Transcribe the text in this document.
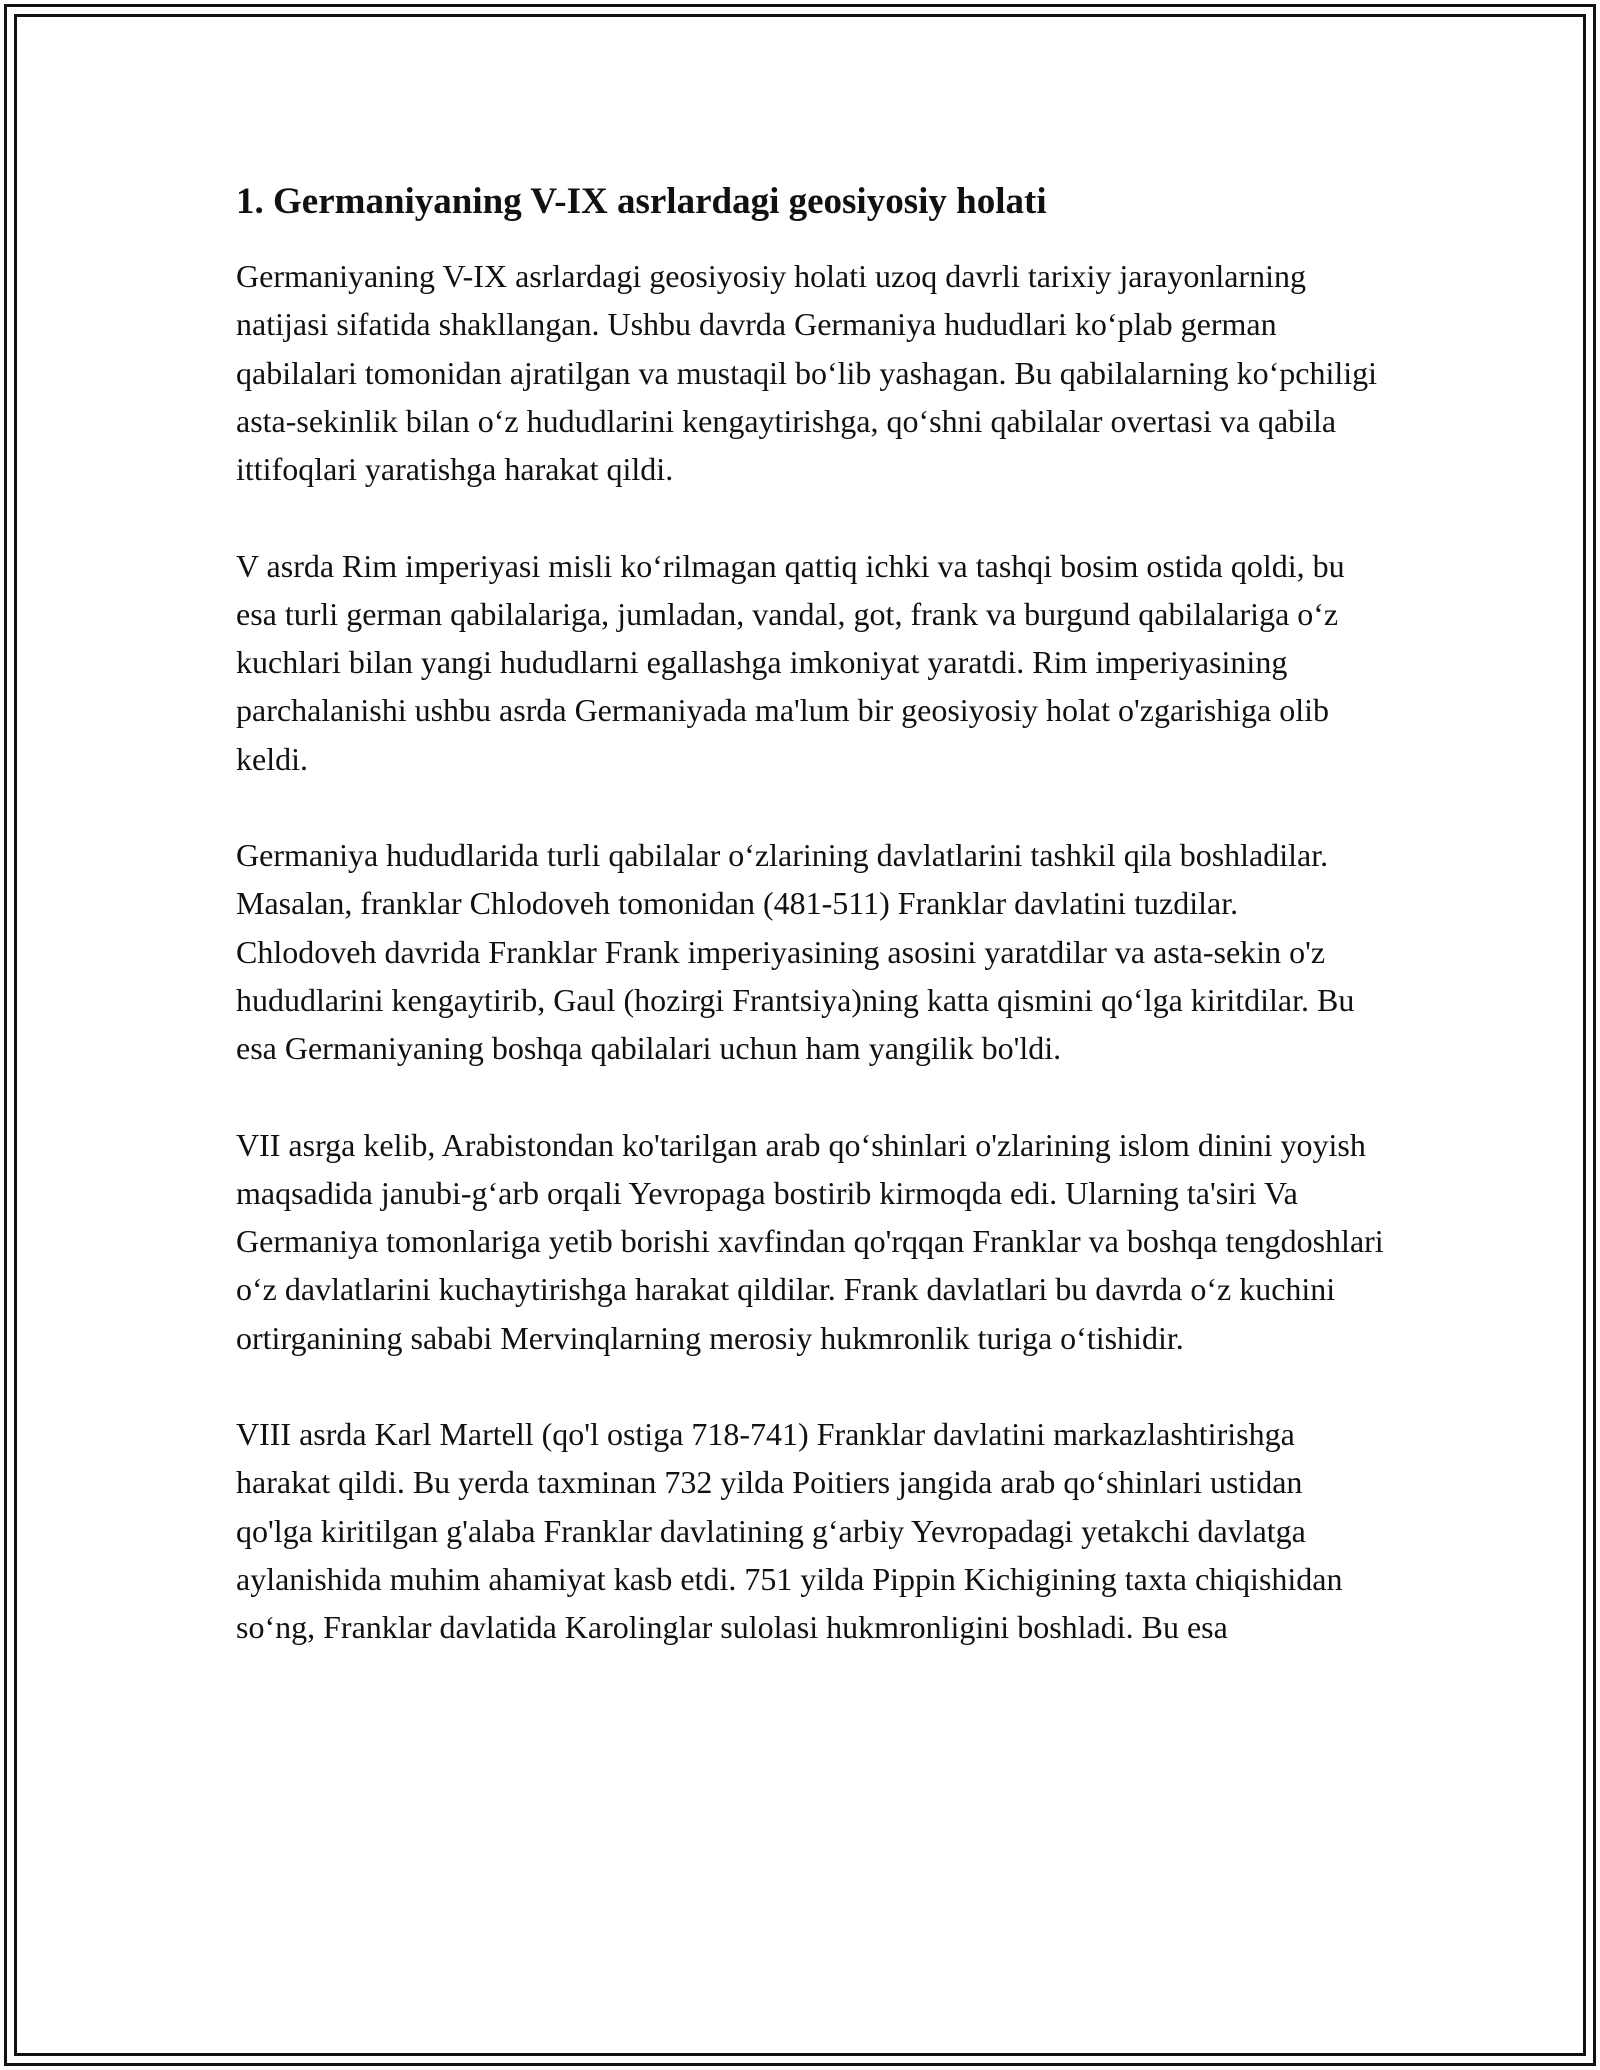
1. Germaniyaning V-IX asrlardagi geosiyosiy holati

Germaniyaning V-IX asrlardagi geosiyosiy holati uzoq davrli tarixiy jarayonlarning natijasi sifatida shakllangan. Ushbu davrda Germaniya hududlari ko‘plab german qabilalari tomonidan ajratilgan va mustaqil bo‘lib yashagan. Bu qabilalarning ko‘pchiligi asta-sekinlik bilan o‘z hududlarini kengaytirishga, qo‘shni qabilalar overtasi va qabila ittifoqlari yaratishga harakat qildi.

V asrda Rim imperiyasi misli ko‘rilmagan qattiq ichki va tashqi bosim ostida qoldi, bu esa turli german qabilalariga, jumladan, vandal, got, frank va burgund qabilalariga o‘z kuchlari bilan yangi hududlarni egallashga imkoniyat yaratdi. Rim imperiyasining parchalanishi ushbu asrda Germaniyada ma'lum bir geosiyosiy holat o'zgarishiga olib keldi.

Germaniya hududlarida turli qabilalar o‘zlarining davlatlarini tashkil qila boshladilar. Masalan, franklar Chlodoveh tomonidan (481-511) Franklar davlatini tuzdilar. Chlodoveh davrida Franklar Frank imperiyasining asosini yaratdilar va asta-sekin o'z hududlarini kengaytirib, Gaul (hozirgi Frantsiya)ning katta qismini qo‘lga kiritdilar. Bu esa Germaniyaning boshqa qabilalari uchun ham yangilik bo'ldi.

VII asrga kelib, Arabistondan ko'tarilgan arab qo‘shinlari o'zlarining islom dinini yoyish maqsadida janubi-g‘arb orqali Yevropaga bostirib kirmoqda edi. Ularning ta'siri Va Germaniya tomonlariga yetib borishi xavfindan qo'rqqan Franklar va boshqa tengdoshlari o‘z davlatlarini kuchaytirishga harakat qildilar. Frank davlatlari bu davrda o‘z kuchini ortirganining sababi Mervinqlarning merosiy hukmronlik turiga o‘tishidir.

VIII asrda Karl Martell (qo'l ostiga 718-741) Franklar davlatini markazlashtirishga harakat qildi. Bu yerda taxminan 732 yilda Poitiers jangida arab qo‘shinlari ustidan qo'lga kiritilgan g'alaba Franklar davlatining g‘arbiy Yevropadagi yetakchi davlatga aylanishida muhim ahamiyat kasb etdi. 751 yilda Pippin Kichigining taxta chiqishidan so‘ng, Franklar davlatida Karolinglar sulolasi hukmronligini boshladi. Bu esa
